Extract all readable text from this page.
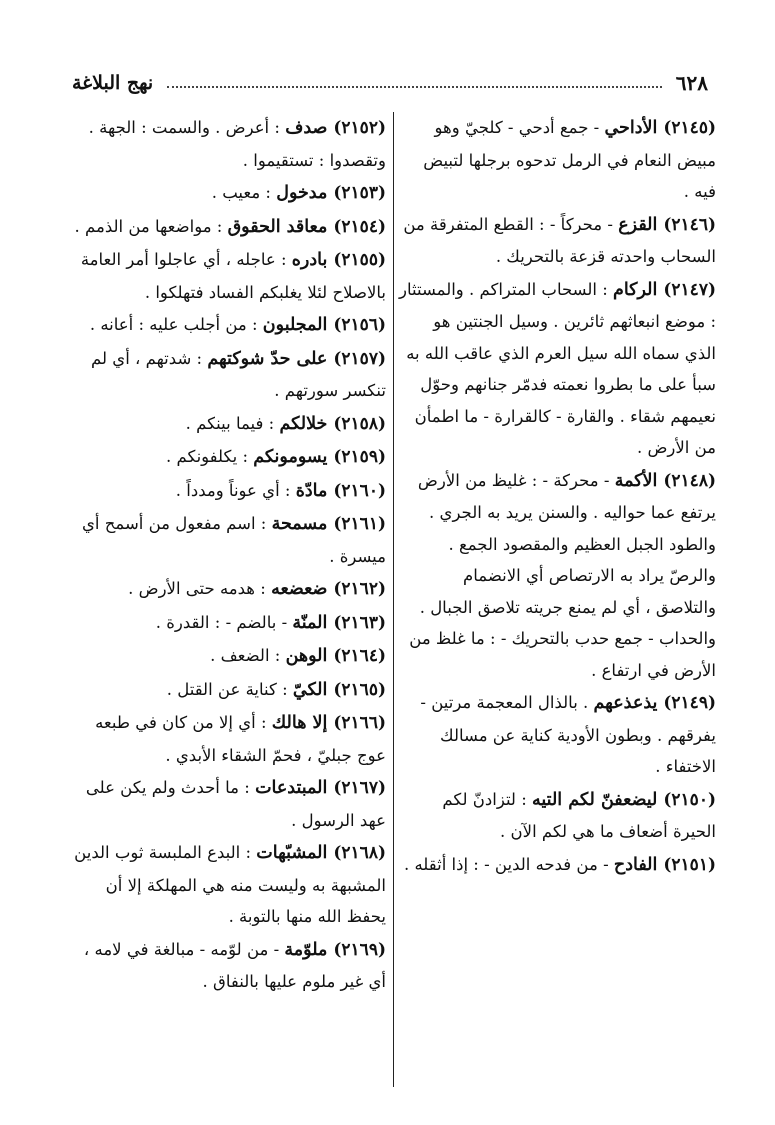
٦٢٨
نهج البلاغة
(٢١٤٥)الأداحي - جمع أدحي - كلجيّ وهو مبيض النعام في الرمل تدحوه برجلها لتبيض فيه .
(٢١٤٦)القزع - محركاً - : القطع المتفرقة من السحاب واحدته قزعة بالتحريك .
(٢١٤٧)الركام : السحاب المتراكم . والمستثار : موضع انبعاثهم ثائرين . وسيل الجنتين هو الذي سماه الله سيل العرم الذي عاقب الله به سبأ على ما بطروا نعمته فدمّر جنانهم وحوّل نعيمهم شقاء . والقارة - كالقرارة - ما اطمأن من الأرض .
(٢١٤٨)الأكمة - محركة - : غليظ من الأرض يرتفع عما حواليه . والسنن يريد به الجري . والطود الجبل العظيم والمقصود الجمع . والرصّ يراد به الارتصاص أي الانضمام والتلاصق ، أي لم يمنع جريته تلاصق الجبال . والحداب - جمع حدب بالتحريك - : ما غلظ من الأرض في ارتفاع .
(٢١٤٩)يذعذعهم . بالذال المعجمة مرتين - يفرقهم . وبطون الأودية كناية عن مسالك الاختفاء .
(٢١٥٠)ليضعفنّ لكم التيه : لتزادنّ لكم الحيرة أضعاف ما هي لكم الآن .
(٢١٥١)الفادح - من فدحه الدين - : إذا أثقله .
(٢١٥٢)صدف : أعرض . والسمت : الجهة . وتقصدوا : تستقيموا .
(٢١٥٣)مدخول : معيب .
(٢١٥٤)معاقد الحقوق : مواضعها من الذمم .
(٢١٥٥)بادره : عاجله ، أي عاجلوا أمر العامة بالاصلاح لئلا يغلبكم الفساد فتهلكوا .
(٢١٥٦)المجلبون : من أجلب عليه : أعانه .
(٢١٥٧)على حدّ شوكتهم : شدتهم ، أي لم تنكسر سورتهم .
(٢١٥٨)خلالكم : فيما بينكم .
(٢١٥٩)يسومونكم : يكلفونكم .
(٢١٦٠)مادّة : أي عوناً ومدداً .
(٢١٦١)مسمحة : اسم مفعول من أسمح أي ميسرة .
(٢١٦٢)ضعضعه : هدمه حتى الأرض .
(٢١٦٣)المنّة - بالضم - : القدرة .
(٢١٦٤)الوهن : الضعف .
(٢١٦٥)الكيّ : كناية عن القتل .
(٢١٦٦)إلا هالك : أي إلا من كان في طبعه عوج جبليّ ، فحمّ الشقاء الأبدي .
(٢١٦٧)المبتدعات : ما أحدث ولم يكن على عهد الرسول .
(٢١٦٨)المشبّهات : البدع الملبسة ثوب الدين المشبهة به وليست منه هي المهلكة إلا أن يحفظ الله منها بالتوبة .
(٢١٦٩)ملوّمة - من لوّمه - مبالغة في لامه ، أي غير ملوم عليها بالنفاق .
